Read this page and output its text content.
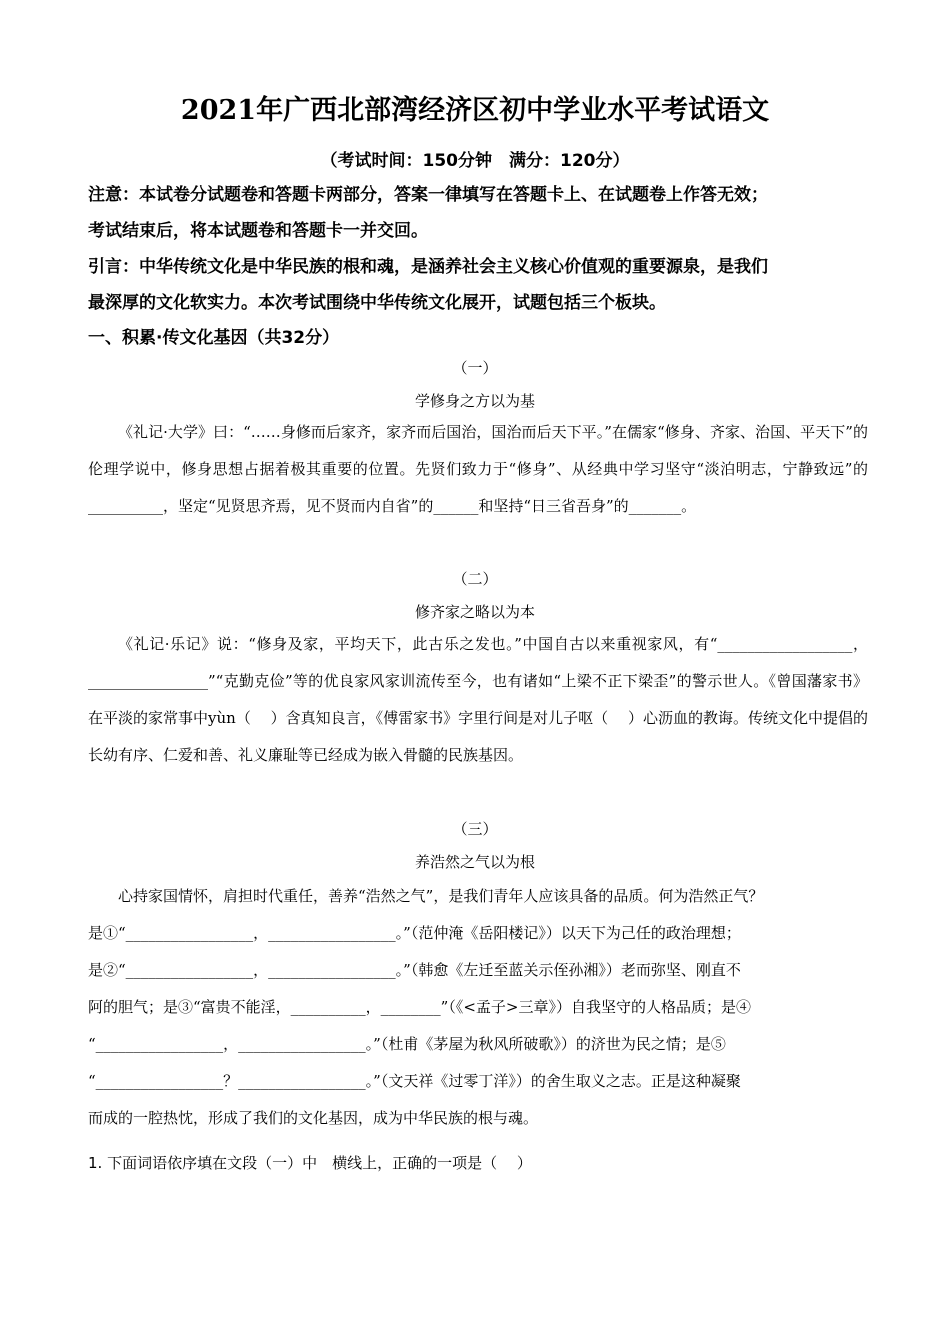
2021年广西北部湾经济区初中学业水平考试语文
（考试时间：150分钟　满分：120分）
注意：本试卷分试题卷和答题卡两部分，答案一律填写在答题卡上、在试题卷上作答无效；
考试结束后，将本试题卷和答题卡一并交回。
引言：中华传统文化是中华民族的根和魂，是涵养社会主义核心价值观的重要源泉，是我们
最深厚的文化软实力。本次考试围绕中华传统文化展开，试题包括三个板块。
一、积累·传文化基因（共32分）
（一）
学修身之方以为基

《礼记·大学》曰：“……身修而后家齐，家齐而后国治，国治而后天下平。”在儒家“修身、齐家、治国、平天下”的伦理学说中，修身思想占据着极其重要的位置。先贤们致力于“修身”、从经典中学习坚守“淡泊明志，宁静致远”的__________，坚定“见贤思齐焉，见不贤而内自省”的______和坚持“日三省吾身”的_______。

（二）
修齐家之略以为本

《礼记·乐记》说：“修身及家，平均天下，此古乐之发也。”中国自古以来重视家风，有“__________________，________________”“克勤克俭”等的优良家风家训流传至今，也有诸如“上梁不正下梁歪”的警示世人。《曾国藩家书》在平淡的家常事中yùn（　 ）含真知良言，《傅雷家书》字里行间是对儿子呕（　 ）心沥血的教诲。传统文化中提倡的长幼有序、仁爱和善、礼义廉耻等已经成为嵌入骨髓的民族基因。

（三）
养浩然之气以为根
心持家国情怀，肩担时代重任，善养“浩然之气”，是我们青年人应该具备的品质。何为浩然正气？
是①“_________________，_________________。”（范仲淹《岳阳楼记》）以天下为己任的政治理想；
是②“_________________，_________________。”（韩愈《左迁至蓝关示侄孙湘》）老而弥坚、刚直不
阿的胆气；是③“富贵不能淫，__________，________”（《<孟子>三章》）自我坚守的人格品质；是④
“_________________，_________________。”（杜甫《茅屋为秋风所破歌》）的济世为民之情；是⑤
“_________________？_________________。”（文天祥《过零丁洋》）的舍生取义之志。正是这种凝聚
而成的一腔热忱，形成了我们的文化基因，成为中华民族的根与魂。
1. 下面词语依序填在文段（一）中　横线上，正确的一项是（　 ）
